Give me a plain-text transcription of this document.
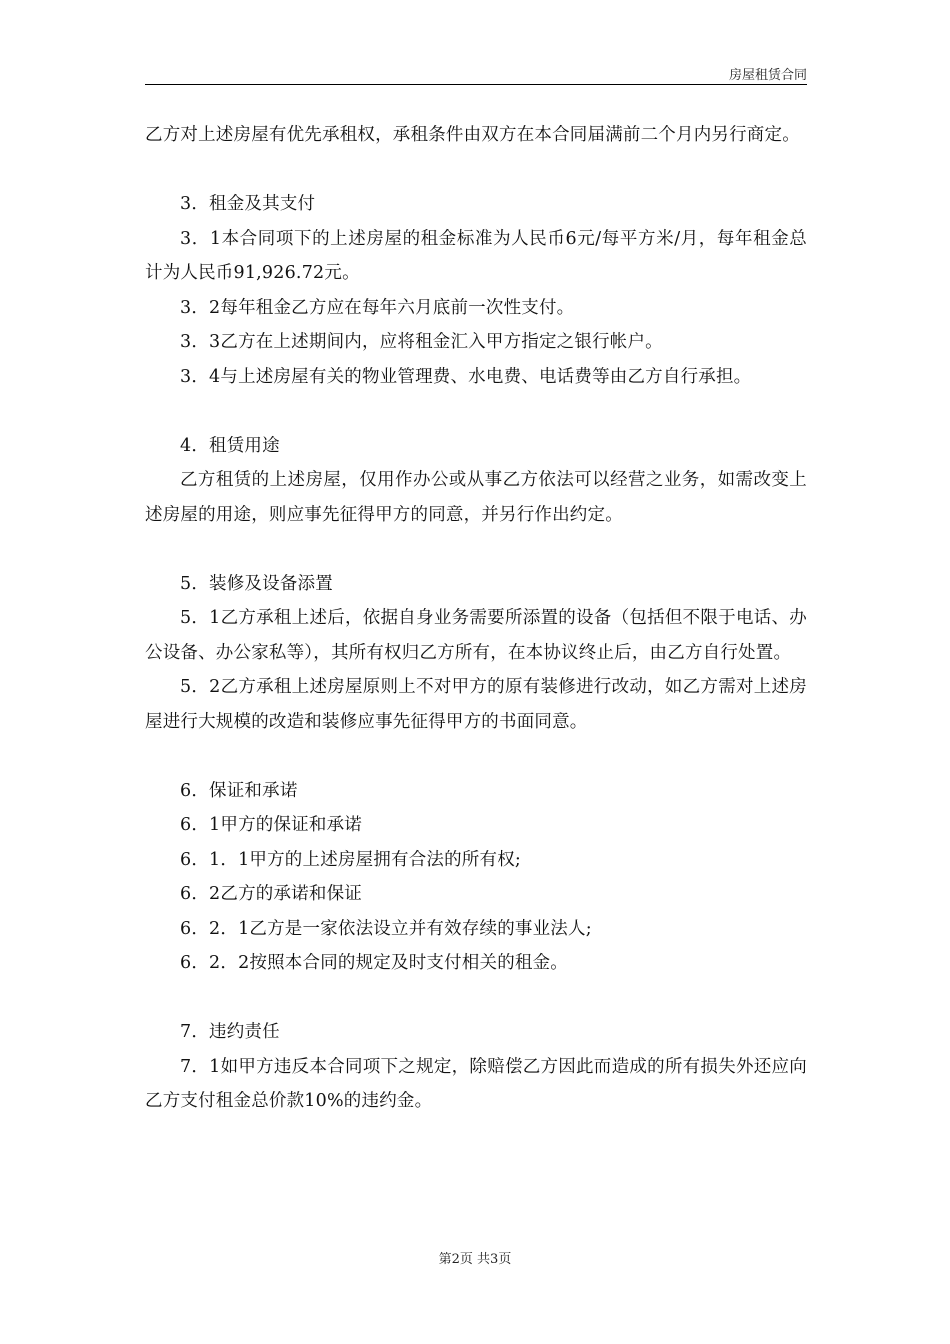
房屋租赁合同

乙方对上述房屋有优先承租权，承租条件由双方在本合同届满前二个月内另行商定。

3．租金及其支付

3．1本合同项下的上述房屋的租金标准为人民币6元/每平方米/月，每年租金总计为人民币91,926.72元。

3．2每年租金乙方应在每年六月底前一次性支付。

3．3乙方在上述期间内，应将租金汇入甲方指定之银行帐户。

3．4与上述房屋有关的物业管理费、水电费、电话费等由乙方自行承担。

4．租赁用途

乙方租赁的上述房屋，仅用作办公或从事乙方依法可以经营之业务，如需改变上述房屋的用途，则应事先征得甲方的同意，并另行作出约定。

5．装修及设备添置

5．1乙方承租上述后，依据自身业务需要所添置的设备（包括但不限于电话、办公设备、办公家私等），其所有权归乙方所有，在本协议终止后，由乙方自行处置。

5．2乙方承租上述房屋原则上不对甲方的原有装修进行改动，如乙方需对上述房屋进行大规模的改造和装修应事先征得甲方的书面同意。

6．保证和承诺

6．1甲方的保证和承诺

6．1．1甲方的上述房屋拥有合法的所有权;

6．2乙方的承诺和保证

6．2．1乙方是一家依法设立并有效存续的事业法人;

6．2．2按照本合同的规定及时支付相关的租金。

7．违约责任

7．1如甲方违反本合同项下之规定，除赔偿乙方因此而造成的所有损失外还应向乙方支付租金总价款10%的违约金。

第2页 共3页
